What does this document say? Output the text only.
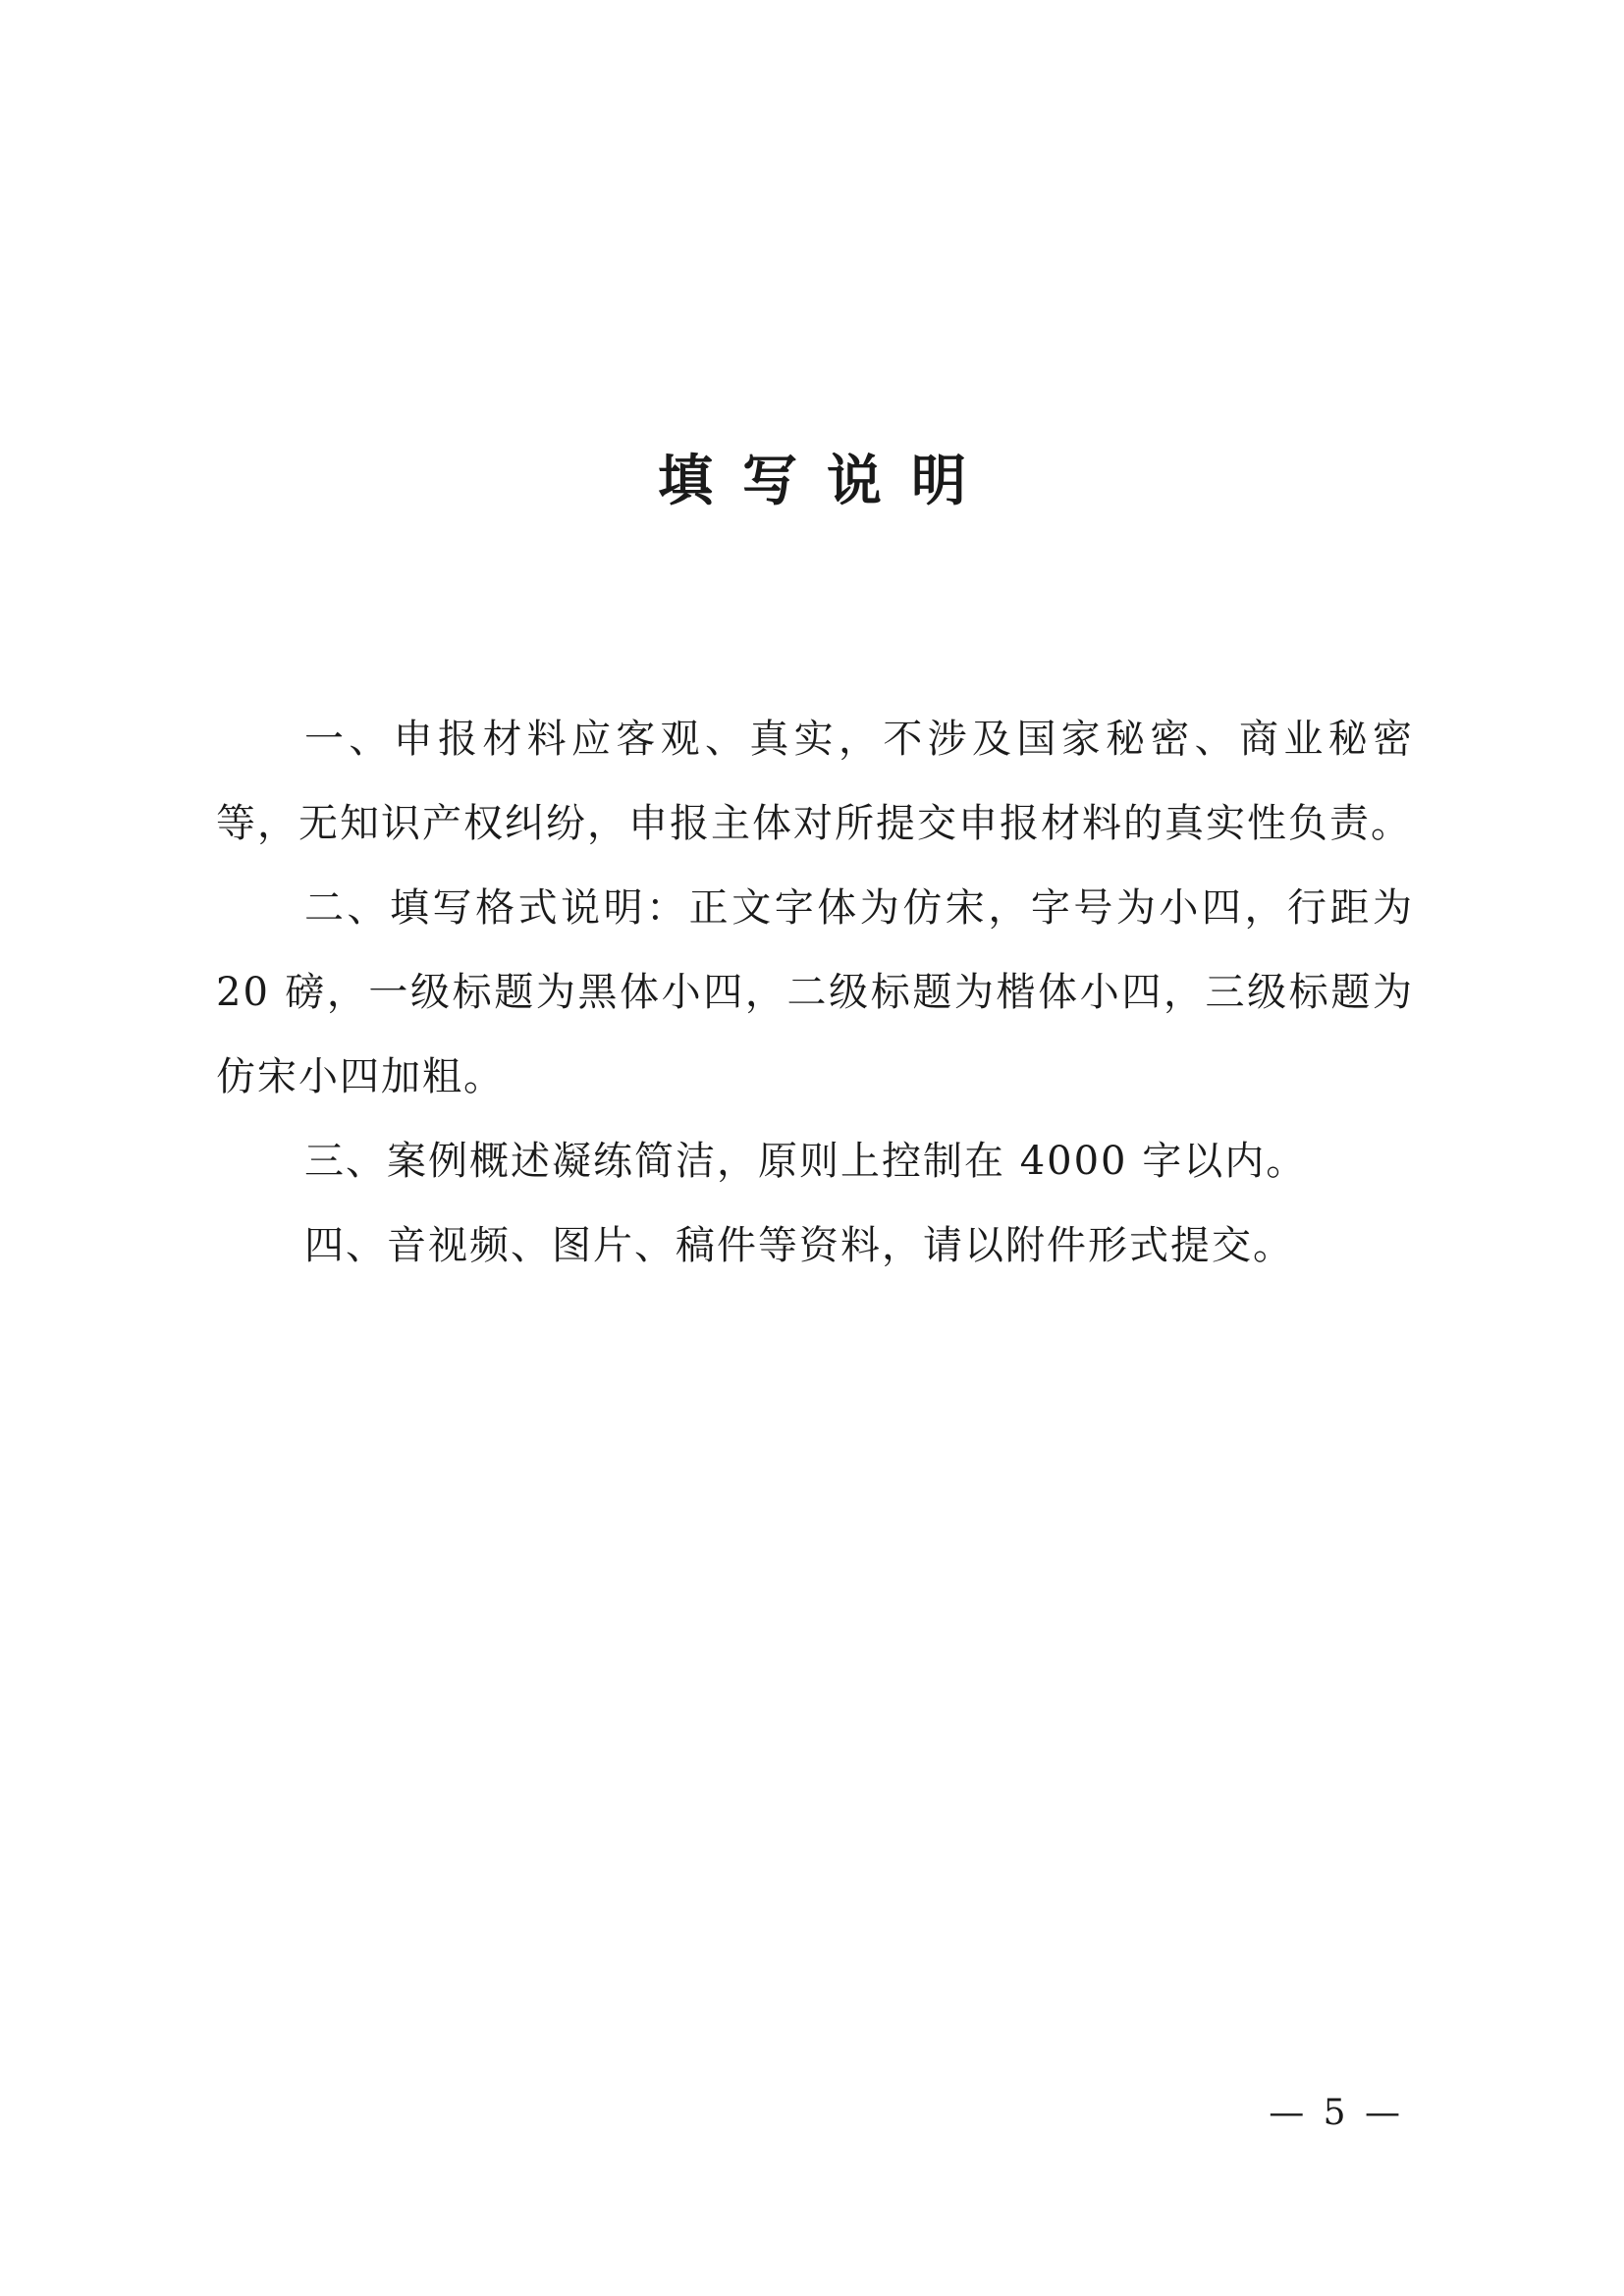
填写说明

一、申报材料应客观、真实，不涉及国家秘密、商业秘密等，无知识产权纠纷，申报主体对所提交申报材料的真实性负责。

二、填写格式说明：正文字体为仿宋，字号为小四，行距为 20 磅，一级标题为黑体小四，二级标题为楷体小四，三级标题为仿宋小四加粗。

三、案例概述凝练简洁，原则上控制在 4000 字以内。

四、音视频、图片、稿件等资料，请以附件形式提交。

— 5 —
